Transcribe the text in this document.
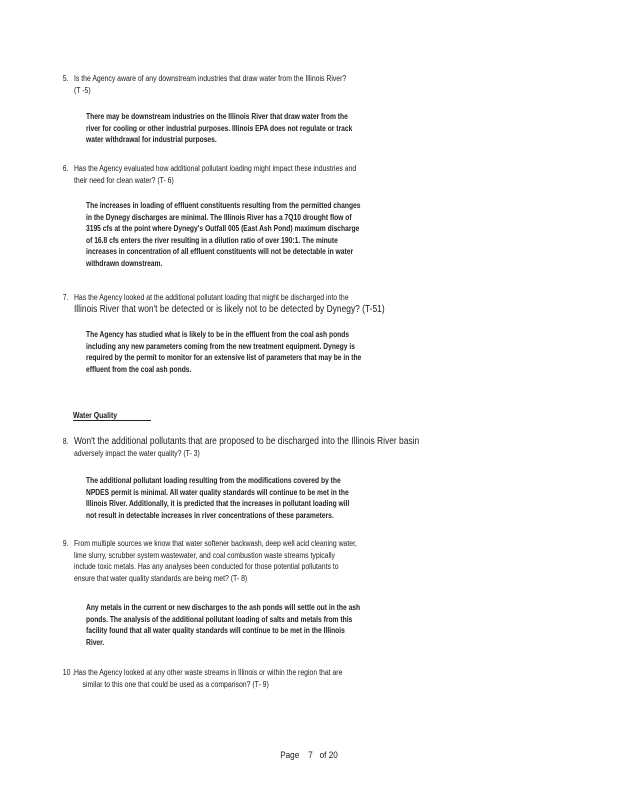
5. Is the Agency aware of any downstream industries that draw water from the Illinois River?
(T -5)
There may be downstream industries on the Illinois River that draw water from the
river for cooling or other industrial purposes. Illinois EPA does not regulate or track
water withdrawal for industrial purposes.
6. Has the Agency evaluated how additional pollutant loading might impact these industries and
their need for clean water? (T- 6)
The increases in loading of effluent constituents resulting from the permitted changes
in the Dynegy discharges are minimal. The Illinois River has a 7Q10 drought flow of
3195 cfs at the point where Dynegy's Outfall 005 (East Ash Pond) maximum discharge
of 16.8 cfs enters the river resulting in a dilution ratio of over 190:1. The minute
increases in concentration of all effluent constituents will not be detectable in water
withdrawn downstream.
7. Has the Agency looked at the additional pollutant loading that might be discharged into the
Illinois River that won't be detected or is likely not to be detected by Dynegy? (T-51)
The Agency has studied what is likely to be in the effluent from the coal ash ponds
including any new parameters coming from the new treatment equipment. Dynegy is
required by the permit to monitor for an extensive list of parameters that may be in the
effluent from the coal ash ponds.
Water Quality
8. Won't the additional pollutants that are proposed to be discharged into the Illinois River basin
adversely impact the water quality? (T- 3)
The additional pollutant loading resulting from the modifications covered by the
NPDES permit is minimal. All water quality standards will continue to be met in the
Illinois River. Additionally, it is predicted that the increases in pollutant loading will
not result in detectable increases in river concentrations of these parameters.
9. From multiple sources we know that water softener backwash, deep well acid cleaning water,
lime slurry, scrubber system wastewater, and coal combustion waste streams typically
include toxic metals. Has any analyses been conducted for those potential pollutants to
ensure that water quality standards are being met? (T- 8)
Any metals in the current or new discharges to the ash ponds will settle out in the ash
ponds. The analysis of the additional pollutant loading of salts and metals from this
facility found that all water quality standards will continue to be met in the Illinois
River.
10 . Has the Agency looked at any other waste streams in Illinois or within the region that are
similar to this one that could be used as a comparison? (T- 9)
Page 7 of 20
